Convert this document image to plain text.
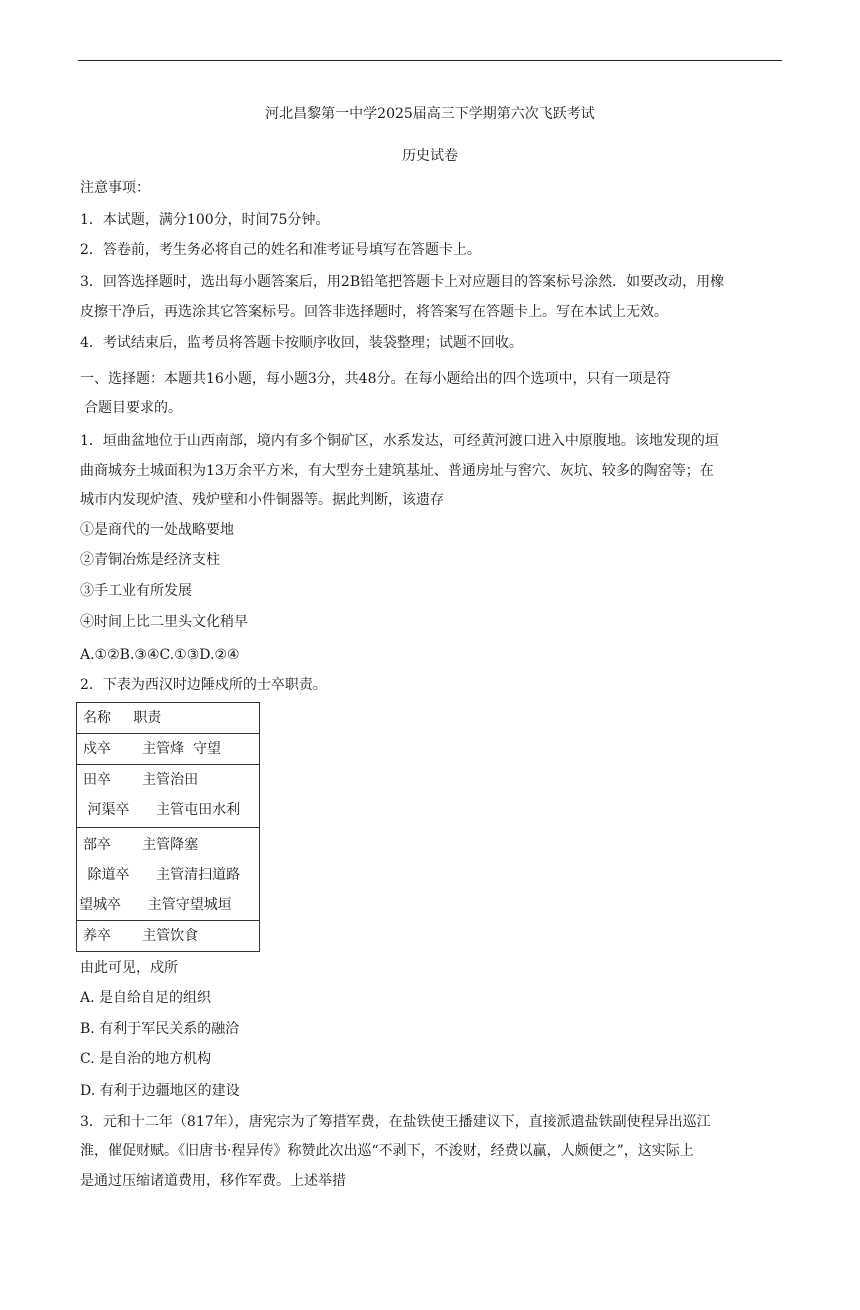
河北昌黎第一中学2025届高三下学期第六次飞跃考试
历史试卷
注意事项：
1．本试题，满分100分，时间75分钟。
2．答卷前，考生务必将自己的姓名和准考证号填写在答题卡上。
3．回答选择题时，选出每小题答案后，用2B铅笔把答题卡上对应题目的答案标号涂然．如要改动，用橡
皮擦干净后，再选涂其它答案标号。回答非选择题时，将答案写在答题卡上。写在本试上无效。
4．考试结束后，监考员将答题卡按顺序收回，装袋整理；试题不回收。
一、选择题：本题共16小题，每小题3分，共48分。在每小题给出的四个选项中，只有一项是符
合题目要求的。
1．垣曲盆地位于山西南部，境内有多个铜矿区，水系发达，可经黄河渡口进入中原腹地。该地发现的垣
曲商城夯土城面积为13万余平方米，有大型夯土建筑基址、普通房址与窖穴、灰坑、较多的陶窑等；在
城市内发现炉渣、残炉壁和小件铜器等。据此判断，该遗存
①是商代的一处战略要地
②青铜冶炼是经济支柱
③手工业有所发展
④时间上比二里头文化稍早
A.①②B.③④C.①③D.②④
2．下表为西汉时边陲戍所的士卒职责。
名称     职责

戍卒       主管烽  守望

田卒       主管治田
河渠卒      主管屯田水利

部卒       主管降塞
除道卒      主管清扫道路
望城卒      主管守望城垣

养卒       主管饮食
由此可见，戍所
A. 是自给自足的组织
B. 有利于军民关系的融洽
C. 是自治的地方机构
D. 有利于边疆地区的建设
3．元和十二年（817年），唐宪宗为了筹措军费，在盐铁使王播建议下，直接派遣盐铁副使程异出巡江
淮，催促财赋。《旧唐书·程异传》称赞此次出巡“不剥下，不浚财，经费以赢，人颇便之”，这实际上
是通过压缩诸道费用，移作军费。上述举措
